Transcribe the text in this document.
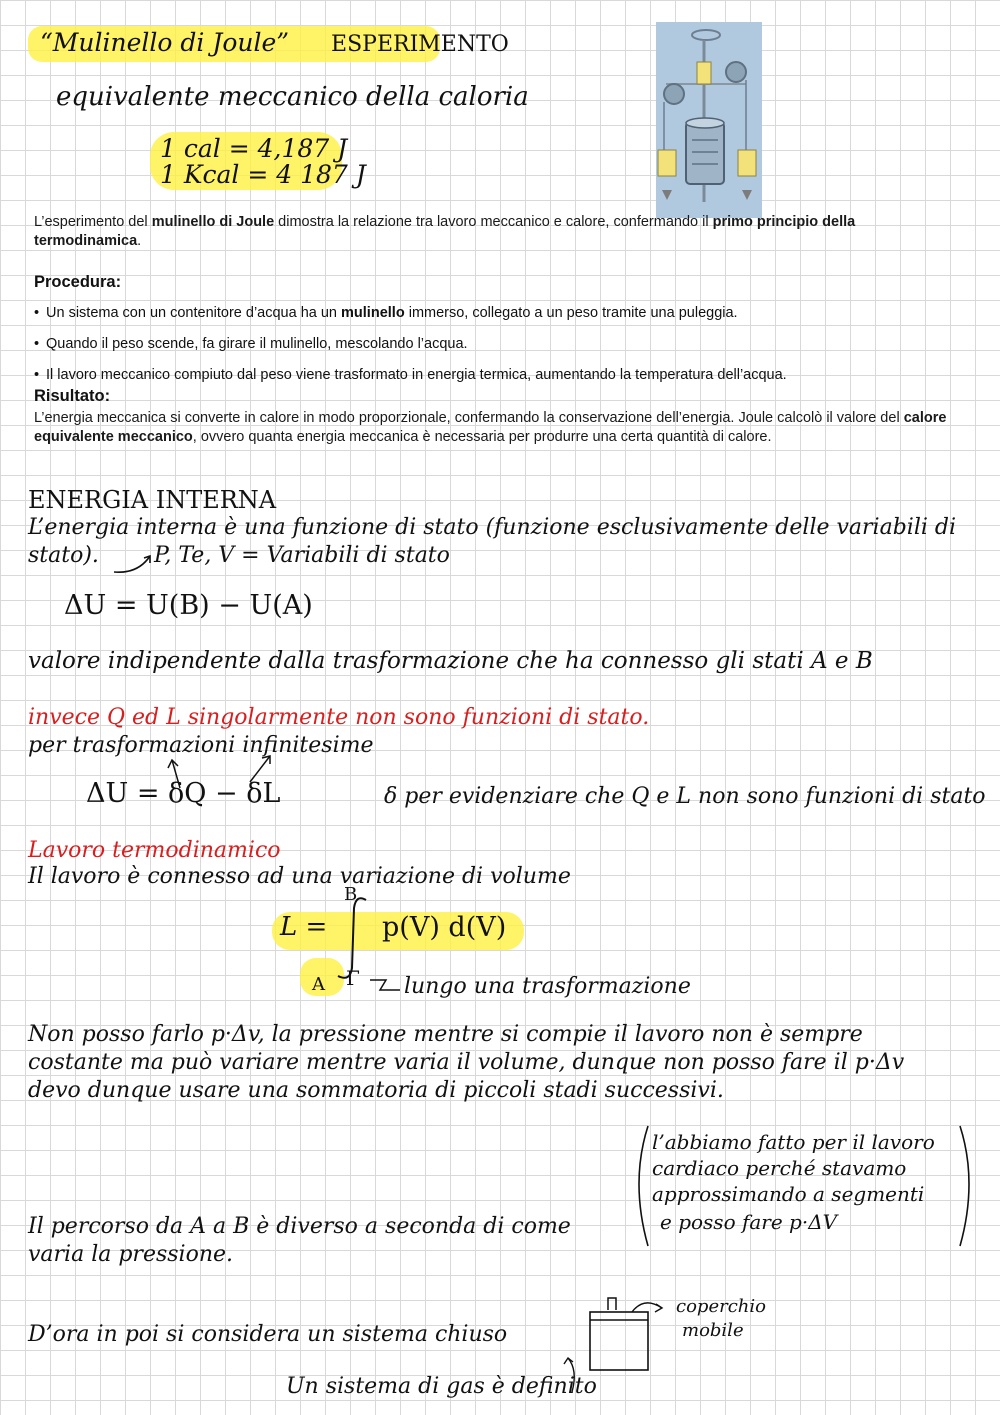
“Mulinello di Joule” ESPERIMENTO
equivalente meccanico della caloria
1 cal = 4,187 J
1 Kcal = 4 187 J
L’esperimento del mulinello di Joule dimostra la relazione tra lavoro meccanico e calore, confermando il primo principio della termodinamica.
Procedura:
• Un sistema con un contenitore d’acqua ha un mulinello immerso, collegato a un peso tramite una puleggia.
• Quando il peso scende, fa girare il mulinello, mescolando l’acqua.
• Il lavoro meccanico compiuto dal peso viene trasformato in energia termica, aumentando la temperatura dell’acqua.
Risultato:
L’energia meccanica si converte in calore in modo proporzionale, confermando la conservazione dell’energia. Joule calcolò il valore del calore equivalente meccanico, ovvero quanta energia meccanica è necessaria per produrre una certa quantità di calore.
ENERGIA INTERNA
L’energia interna è una funzione di stato (funzione esclusivamente delle variabili di
stato).	P, Te, V = Variabili di stato
ΔU = U(B) − U(A)
valore indipendente dalla trasformazione che ha connesso gli stati A e B
invece Q ed L singolarmente non sono funzioni di stato.
per trasformazioni infinitesime
ΔU = δQ − δL	δ per evidenziare che Q e L non sono funzioni di stato
Lavoro termodinamico
Il lavoro è connesso ad una variazione di volume
L =
B
A Γ
p(V) d(V)
lungo una trasformazione
Non posso farlo p·Δv, la pressione mentre si compie il lavoro non è sempre
costante ma può variare mentre varia il volume, dunque non posso fare il p·Δv
devo dunque usare una sommatoria di piccoli stadi successivi.
l’abbiamo fatto per il lavoro
cardiaco perché stavamo
approssimando a segmenti
e posso fare p·ΔV
Il percorso da A a B è diverso a seconda di come
varia la pressione.
D’ora in poi si considera un sistema chiuso
coperchio
mobile
Un sistema di gas è definito
